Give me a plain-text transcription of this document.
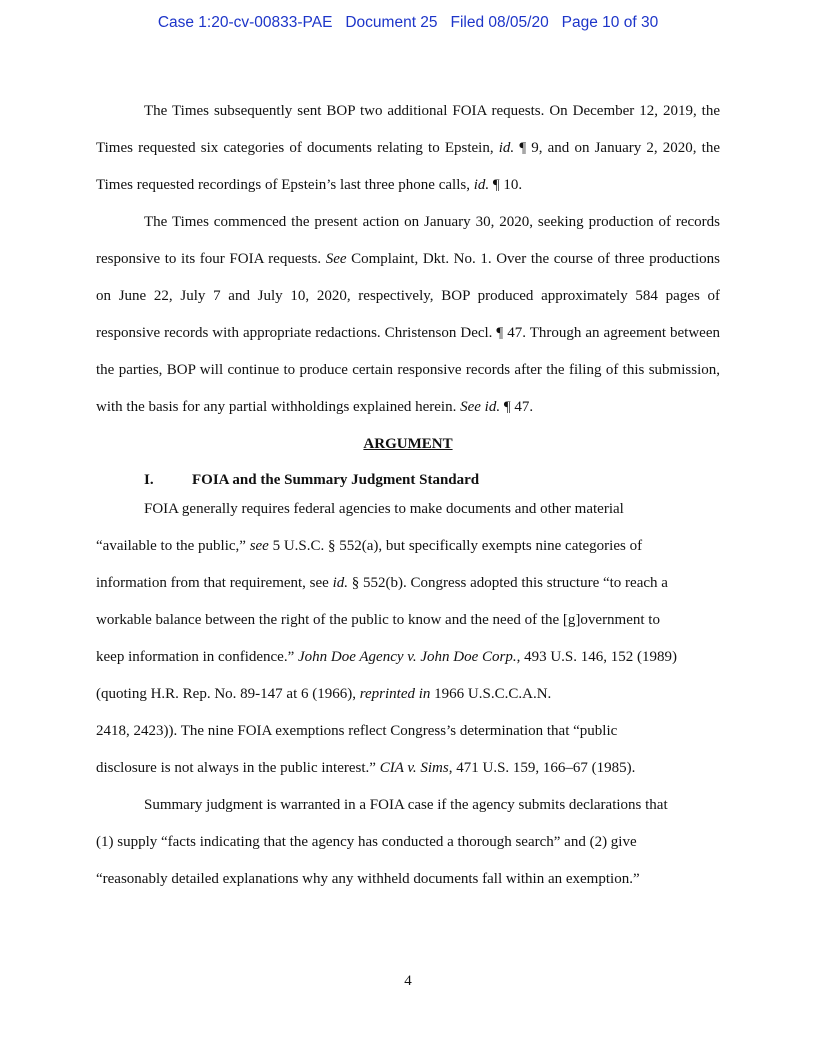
Case 1:20-cv-00833-PAE Document 25 Filed 08/05/20 Page 10 of 30

The Times subsequently sent BOP two additional FOIA requests. On December 12, 2019, the Times requested six categories of documents relating to Epstein, id. ¶ 9, and on January 2, 2020, the Times requested recordings of Epstein’s last three phone calls, id. ¶ 10.

The Times commenced the present action on January 30, 2020, seeking production of records responsive to its four FOIA requests. See Complaint, Dkt. No. 1. Over the course of three productions on June 22, July 7 and July 10, 2020, respectively, BOP produced approximately 584 pages of responsive records with appropriate redactions. Christenson Decl. ¶ 47. Through an agreement between the parties, BOP will continue to produce certain responsive records after the filing of this submission, with the basis for any partial withholdings explained herein. See id. ¶ 47.

ARGUMENT
I.	FOIA and the Summary Judgment Standard

FOIA generally requires federal agencies to make documents and other material

“available to the public,” see 5 U.S.C. § 552(a), but specifically exempts nine categories of

information from that requirement, see id. § 552(b). Congress adopted this structure “to reach a

workable balance between the right of the public to know and the need of the [g]overnment to

keep information in confidence.” John Doe Agency v. John Doe Corp., 493 U.S. 146, 152 (1989)

(quoting H.R. Rep. No. 89-147 at 6 (1966), reprinted in 1966 U.S.C.C.A.N.

2418, 2423)). The nine FOIA exemptions reflect Congress’s determination that “public

disclosure is not always in the public interest.” CIA v. Sims, 471 U.S. 159, 166–67 (1985).

Summary judgment is warranted in a FOIA case if the agency submits declarations that

(1) supply “facts indicating that the agency has conducted a thorough search” and (2) give

“reasonably detailed explanations why any withheld documents fall within an exemption.”

4
